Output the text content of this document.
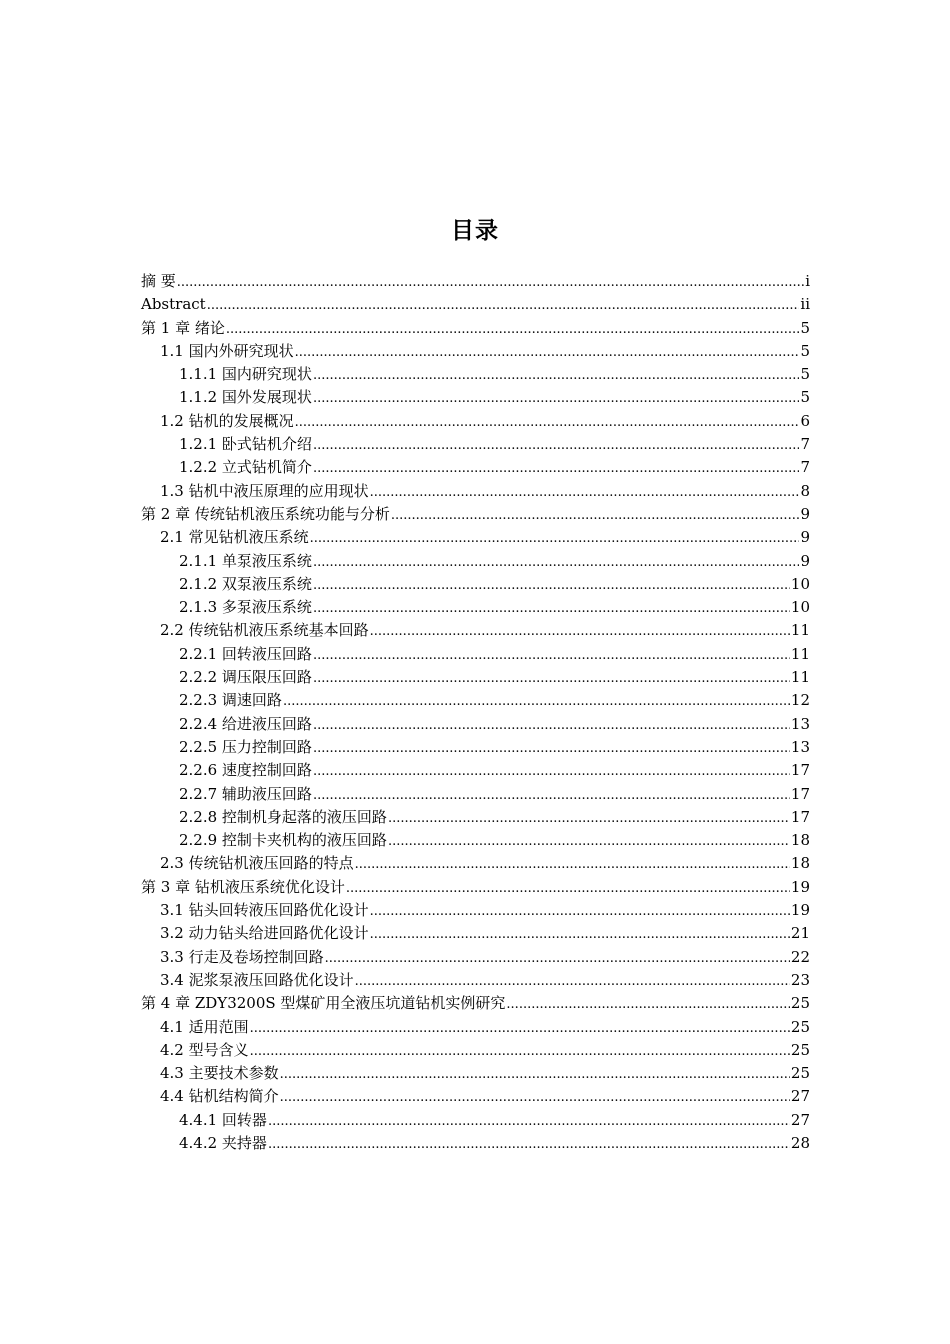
目录
摘 要 .....	i
Abstract .....	ii
第 1 章 绪论 .....	5
1.1 国内外研究现状 .....	5
1.1.1 国内研究现状 .....	5
1.1.2 国外发展现状 .....	5
1.2 钻机的发展概况 .....	6
1.2.1 卧式钻机介绍 .....	7
1.2.2 立式钻机简介 .....	7
1.3 钻机中液压原理的应用现状 .....	8
第 2 章 传统钻机液压系统功能与分析 .....	9
2.1 常见钻机液压系统 .....	9
2.1.1 单泵液压系统 .....	9
2.1.2 双泵液压系统 .....	10
2.1.3 多泵液压系统 .....	10
2.2 传统钻机液压系统基本回路 .....	11
2.2.1 回转液压回路 .....	11
2.2.2 调压限压回路 .....	11
2.2.3 调速回路 .....	12
2.2.4 给进液压回路 .....	13
2.2.5 压力控制回路 .....	13
2.2.6 速度控制回路 .....	17
2.2.7 辅助液压回路 .....	17
2.2.8 控制机身起落的液压回路 .....	17
2.2.9 控制卡夹机构的液压回路 .....	18
2.3 传统钻机液压回路的特点 .....	18
第 3 章 钻机液压系统优化设计 .....	19
3.1 钻头回转液压回路优化设计 .....	19
3.2 动力钻头给进回路优化设计 .....	21
3.3 行走及卷场控制回路 .....	22
3.4 泥浆泵液压回路优化设计 .....	23
第 4 章 ZDY3200S 型煤矿用全液压坑道钻机实例研究 .....	25
4.1 适用范围 .....	25
4.2 型号含义 .....	25
4.3 主要技术参数 .....	25
4.4 钻机结构简介 .....	27
4.4.1 回转器 .....	27
4.4.2 夹持器 .....	28
